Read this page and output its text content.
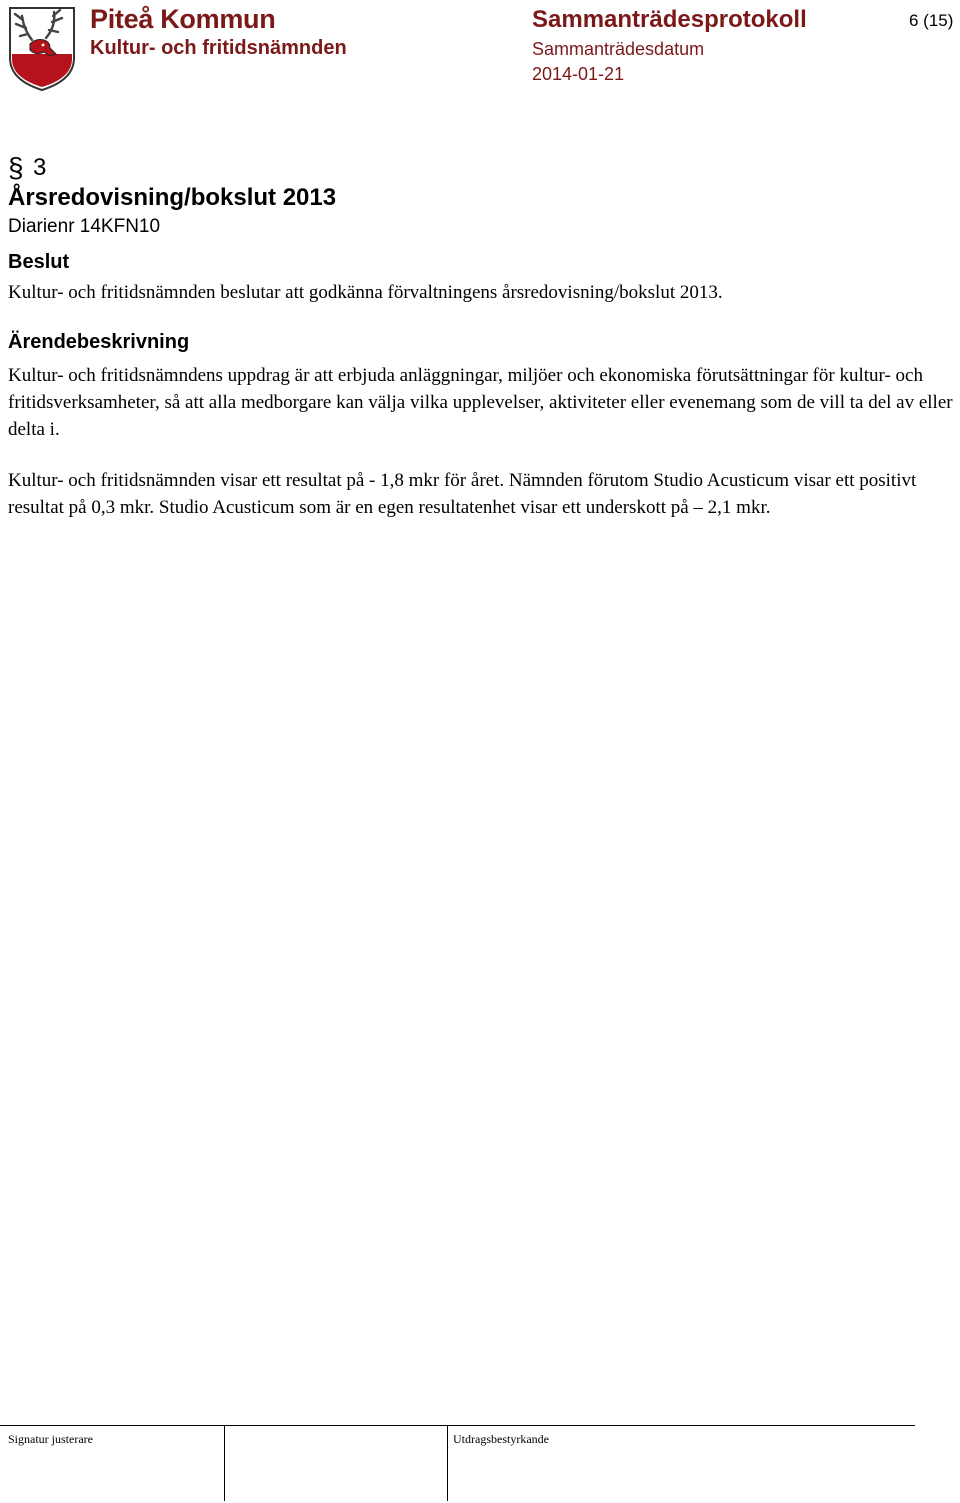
Piteå Kommun
Kultur- och fritidsnämnden
Sammanträdesprotokoll
Sammanträdesdatum
2014-01-21
6 (15)
§ 3
Årsredovisning/bokslut 2013
Diarienr 14KFN10
Beslut
Kultur- och fritidsnämnden beslutar att godkänna förvaltningens årsredovisning/bokslut 2013.
Ärendebeskrivning

Kultur- och fritidsnämndens uppdrag är att erbjuda anläggningar, miljöer och ekonomiska förutsättningar för kultur- och fritidsverksamheter, så att alla medborgare kan välja vilka upplevelser, aktiviteter eller evenemang som de vill ta del av eller delta i.

Kultur- och fritidsnämnden visar ett resultat på - 1,8 mkr för året. Nämnden förutom Studio Acusticum visar ett positivt resultat på 0,3 mkr. Studio Acusticum som är en egen resultatenhet visar ett underskott på – 2,1 mkr.

Signatur justerare	Utdragsbestyrkande
